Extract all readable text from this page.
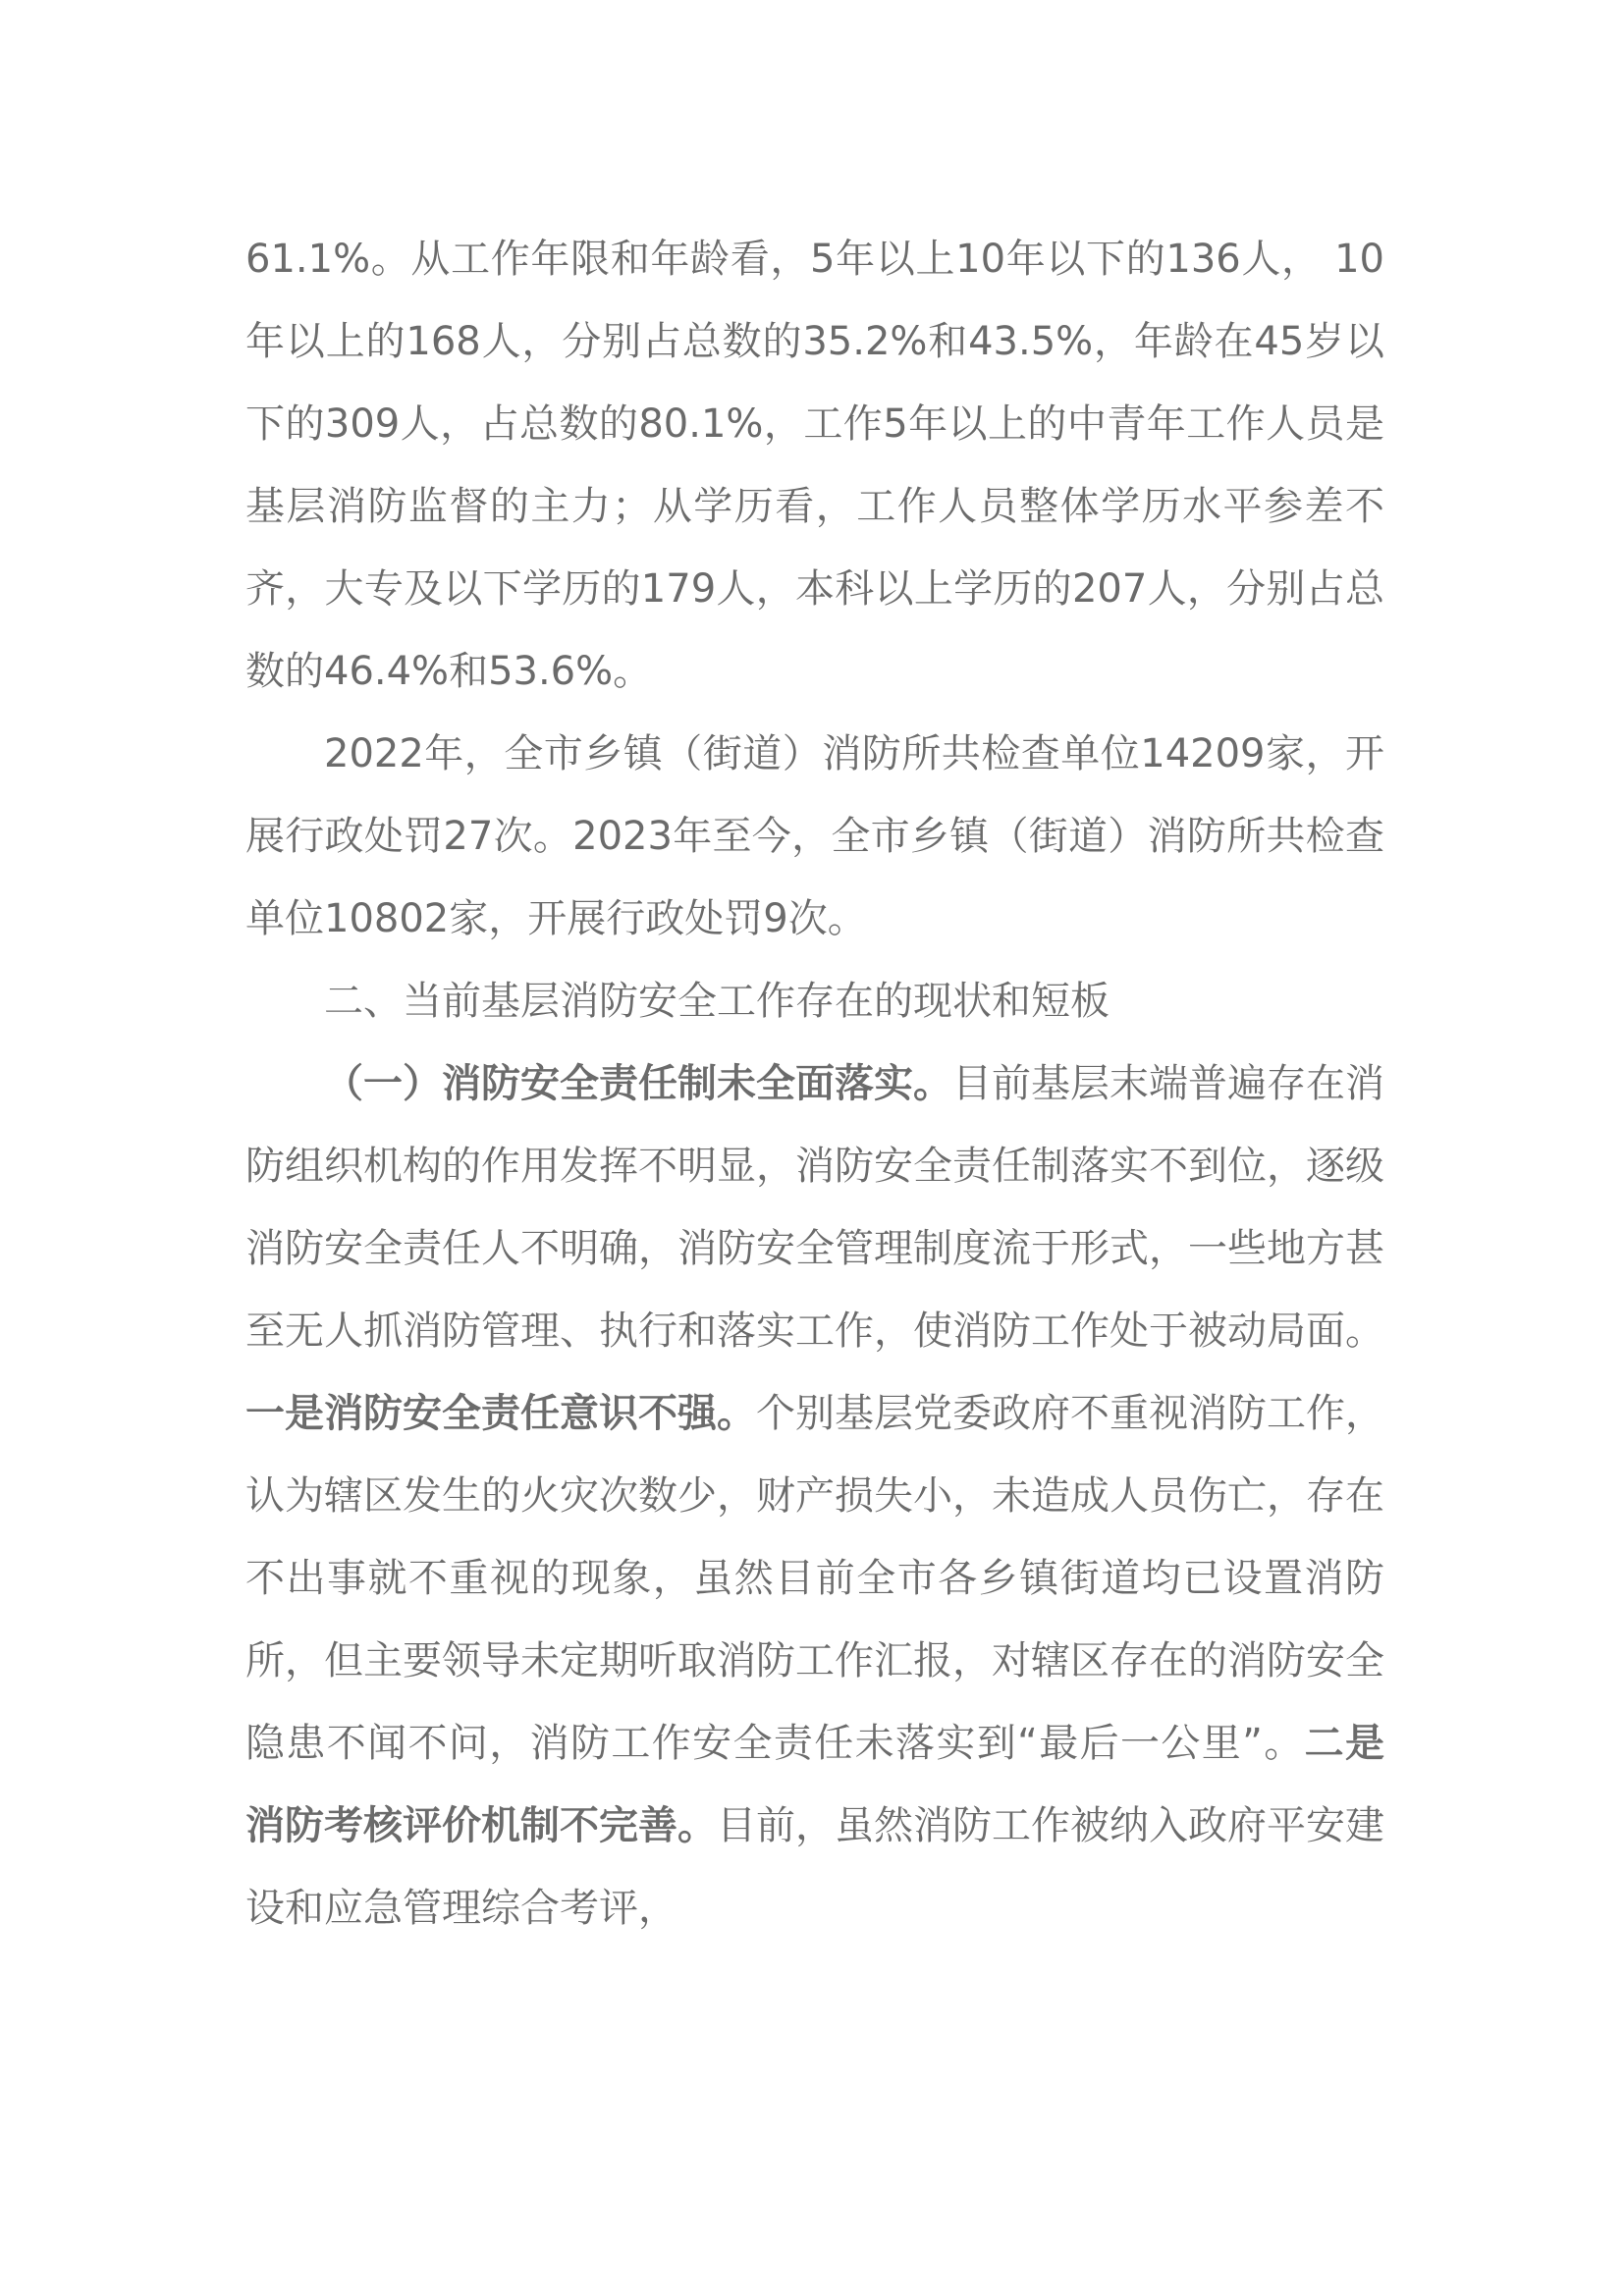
61.1%。从工作年限和年龄看，5年以上10年以下的136人， 10年以上的168人，分别占总数的35.2%和43.5%，年龄在45岁以下的309人，占总数的80.1%，工作5年以上的中青年工作人员是基层消防监督的主力；从学历看，工作人员整体学历水平参差不齐，大专及以下学历的179人，本科以上学历的207人，分别占总数的46.4%和53.6%。

2022年，全市乡镇（街道）消防所共检查单位14209家，开展行政处罚27次。2023年至今，全市乡镇（街道）消防所共检查单位10802家，开展行政处罚9次。

二、当前基层消防安全工作存在的现状和短板

（一）消防安全责任制未全面落实。目前基层末端普遍存在消防组织机构的作用发挥不明显，消防安全责任制落实不到位，逐级消防安全责任人不明确，消防安全管理制度流于形式，一些地方甚至无人抓消防管理、执行和落实工作，使消防工作处于被动局面。一是消防安全责任意识不强。个别基层党委政府不重视消防工作，认为辖区发生的火灾次数少，财产损失小，未造成人员伤亡，存在不出事就不重视的现象，虽然目前全市各乡镇街道均已设置消防所，但主要领导未定期听取消防工作汇报，对辖区存在的消防安全隐患不闻不问，消防工作安全责任未落实到“最后一公里”。二是消防考核评价机制不完善。目前，虽然消防工作被纳入政府平安建设和应急管理综合考评，
